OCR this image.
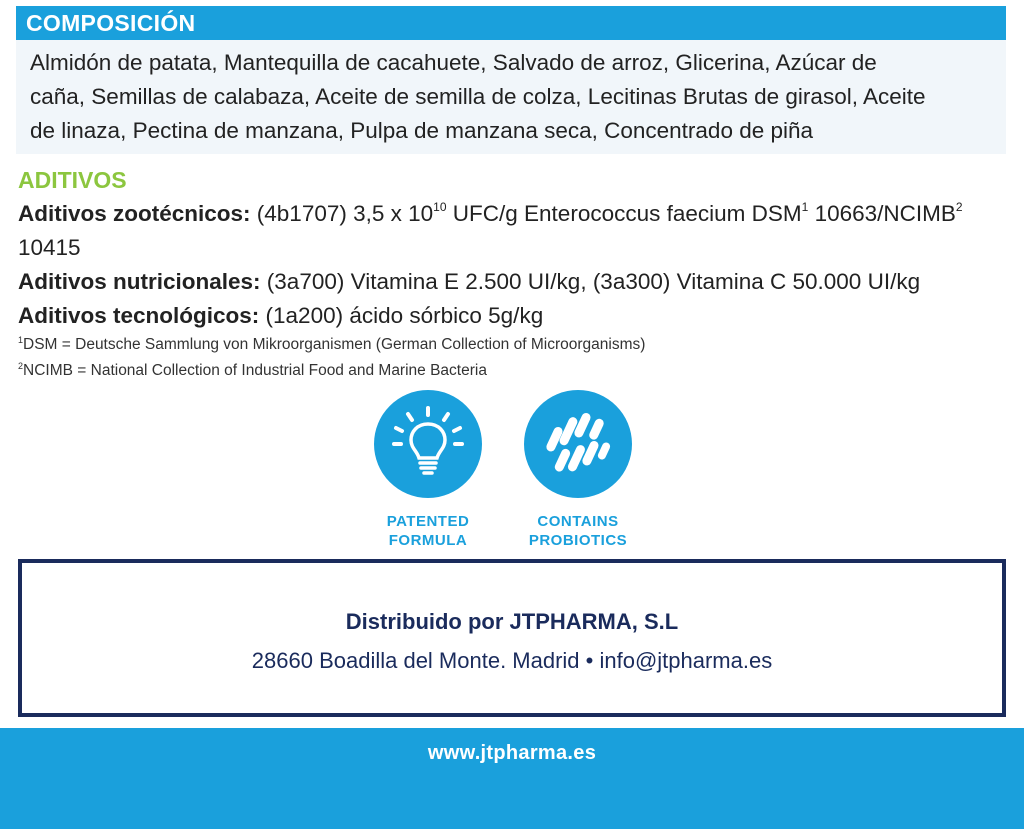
COMPOSICIÓN
Almidón de patata, Mantequilla de cacahuete, Salvado de arroz, Glicerina, Azúcar de
caña, Semillas de calabaza, Aceite de semilla de colza, Lecitinas Brutas de girasol, Aceite
de linaza, Pectina de manzana, Pulpa de manzana seca, Concentrado de piña
ADITIVOS
Aditivos zootécnicos: (4b1707) 3,5 x $10^{10}$ UFC/g Enterococcus faecium DSM$^1$ 10663/NCIMB$^2$
10415
Aditivos nutricionales: (3a700) Vitamina E 2.500 UI/kg, (3a300) Vitamina C 50.000 UI/kg
Aditivos tecnológicos: (1a200) ácido sórbico 5g/kg
$^1$DSM = Deutsche Sammlung von Mikroorganismen (German Collection of Microorganisms)
$^2$NCIMB = National Collection of Industrial Food and Marine Bacteria
PATENTED
FORMULA
CONTAINS
PROBIOTICS
Distribuido por JTPHARMA, S.L
28660 Boadilla del Monte. Madrid • info@jtpharma.es
www.jtpharma.es
